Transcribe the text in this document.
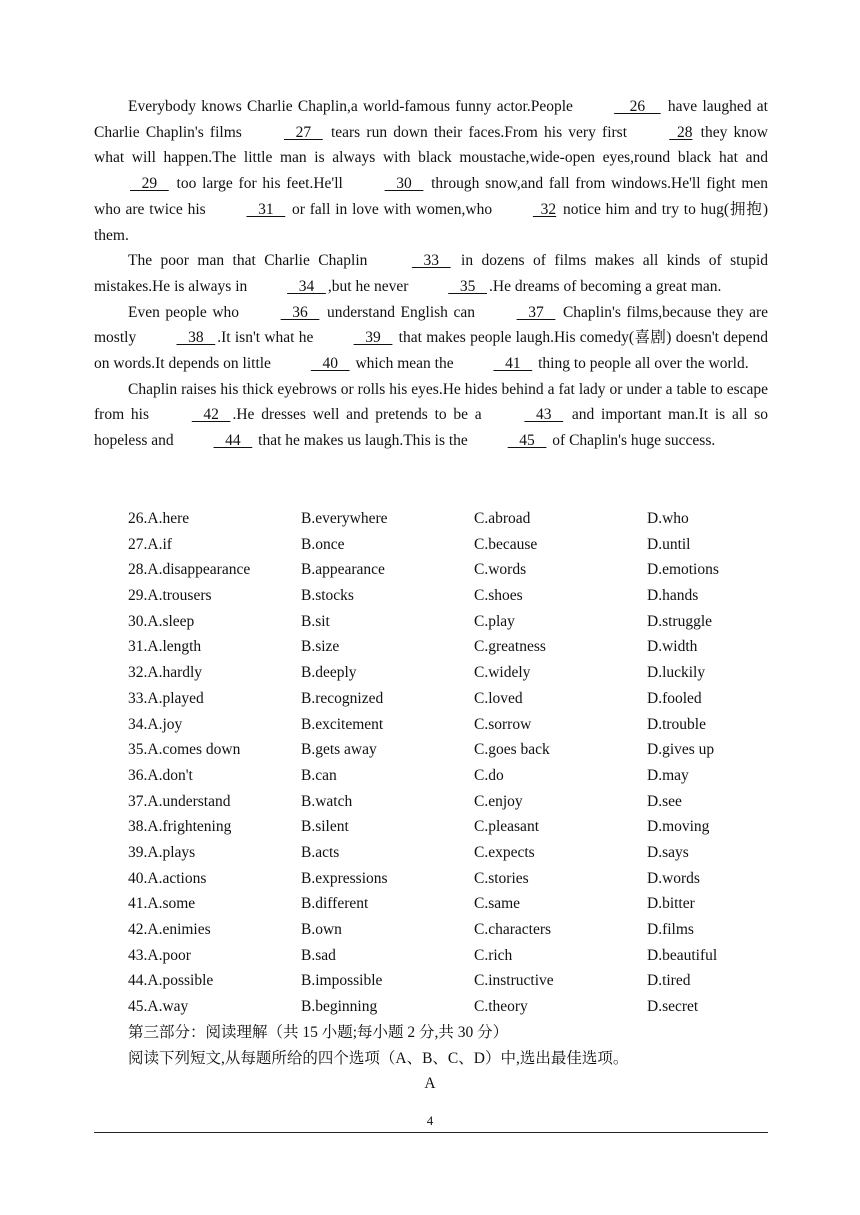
Everybody knows Charlie Chaplin,a world-famous funny actor.People     26     have laughed at Charlie Chaplin's films    27    tears run down their faces.From his very first   28 they know what will happen.The little man is always with black moustache,wide-open eyes,round black hat and    29    too large for his feet.He'll    30    through snow,and fall from windows.He'll fight men who are twice his    31    or fall in love with women,who   32 notice him and try to hug(拥抱) them.

The poor man that Charlie Chaplin    33    in dozens of films makes all kinds of stupid mistakes.He is always in    34   ,but he never    35   .He dreams of becoming a great man.

Even people who    36    understand English can    37    Chaplin's films,because they are mostly    38   .It isn't what he    39    that makes people laugh.His comedy(喜剧) doesn't depend on words.It depends on little    40    which mean the    41    thing to people all over the world.

Chaplin raises his thick eyebrows or rolls his eyes.He hides behind a fat lady or under a table to escape from his    42   .He dresses well and pretends to be a    43    and important man.It is all so hopeless and    44    that he makes us laugh.This is the    45    of Chaplin's huge success.

26.A.here	B.everywhere	C.abroad	D.who
27.A.if	B.once	C.because	D.until
28.A.disappearance	B.appearance	C.words	D.emotions
29.A.trousers	B.stocks	C.shoes	D.hands
30.A.sleep	B.sit	C.play	D.struggle
31.A.length	B.size	C.greatness	D.width
32.A.hardly	B.deeply	C.widely	D.luckily
33.A.played	B.recognized	C.loved	D.fooled
34.A.joy	B.excitement	C.sorrow	D.trouble
35.A.comes down	B.gets away	C.goes back	D.gives up
36.A.don't	B.can	C.do	D.may
37.A.understand	B.watch	C.enjoy	D.see
38.A.frightening	B.silent	C.pleasant	D.moving
39.A.plays	B.acts	C.expects	D.says
40.A.actions	B.expressions	C.stories	D.words
41.A.some	B.different	C.same	D.bitter
42.A.enimies	B.own	C.characters	D.films
43.A.poor	B.sad	C.rich	D.beautiful
44.A.possible	B.impossible	C.instructive	D.tired
45.A.way	B.beginning	C.theory	D.secret
第三部分：阅读理解（共 15 小题;每小题 2 分,共 30 分）
阅读下列短文,从每题所给的四个选项（A、B、C、D）中,选出最佳选项。
A
4
